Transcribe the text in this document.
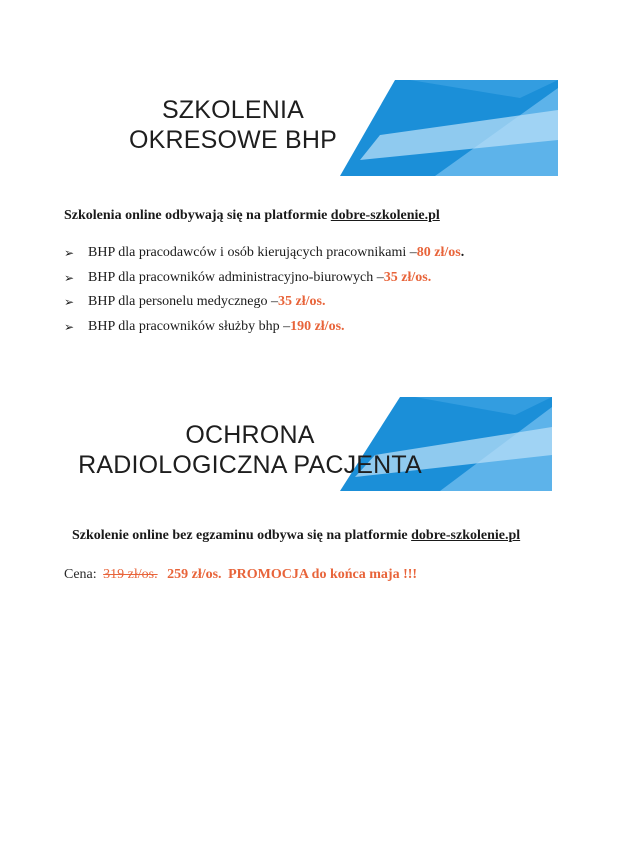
SZKOLENIA
OKRESOWE BHP
Szkolenia online odbywają się na platformie dobre-szkolenie.pl
➢ BHP dla pracodawców i osób kierujących pracownikami – 80 zł/os .
➢ BHP dla pracowników administracyjno-biurowych – 35 zł/os.
➢ BHP dla personelu medycznego – 35 zł/os.
➢ BHP dla pracowników służby bhp – 190 zł/os.
OCHRONA
RADIOLOGICZNA PACJENTA
Szkolenie online bez egzaminu odbywa się na platformie dobre-szkolenie.pl
Cena: 319 zł/os. 259 zł/os. PROMOCJA do końca maja !!!
